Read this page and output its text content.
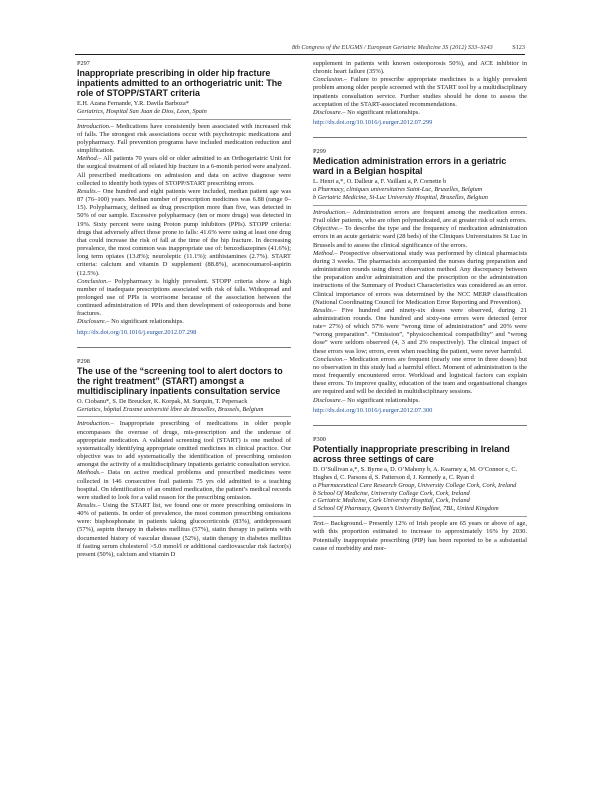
8th Congress of the EUGMS / European Geriatric Medicine 3S (2012) S33–S143	S123
P297
Inappropriate prescribing in older hip fracture inpatients admitted to an orthogeriatric unit: The role of STOPP/START criteria
E.H. Azana Fernande, Y.R. Davila Barboza*
Geriatrics, Hospital San Juan de Dios, Leon, Spain

Introduction.– Medications have consistently been associated with increased risk of falls. The strongest risk associations occur with psychotropic medications and polypharmacy. Fall prevention programs have included medication reduction and simplification.

Method.– All patients 70 years old or older admitted to an Orthogeriatric Unit for the surgical treatment of all related hip fracture in a 6-month period were analyzed. All prescribed medications on admission and data on active diagnose were collected to identify both types of STOPP/START prescribing errors.

Results.– One hundred and eight patients were included, median patient age was 87 (76–100) years. Median number of prescription medicines was 6.88 (range 0–15). Polypharmacy, defined as drug prescription more than five, was detected in 50% of our sample. Excessive polypharmacy (ten or more drugs) was detected in 19%. Sixty percent were using Proton pump inhibitors (PPIs). STOPP criteria: drugs that adversely affect those prone to falls: 41.6% were using at least one drug that could increase the risk of fall at the time of the hip fracture. In decreasing prevalence, the most common was inappropriate use of: benzodiazepines (41.6%); long term opiates (13.8%); neuroleptic (11.1%); antihistamines (2.7%). START criteria: calcium and vitamin D supplement (88.8%), acenocoumarol-aspirin (12.5%).

Conclusion.– Polypharmacy is highly prevalent. STOPP criteria show a high number of inadequate prescriptions associated with risk of falls. Widespread and prolonged use of PPIs is worrisome because of the association between the continued administration of PPIs and then development of osteoporosis and bone fractures.

Disclosure.– No significant relationships.

http://dx.doi.org/10.1016/j.eurger.2012.07.298
P298
The use of the “screening tool to alert doctors to the right treatment” (START) amongst a multidisciplinary inpatients consultation service
O. Ciobanu*, S. De Breucker, K. Korpak, M. Surquin, T. Pepersack
Geriatics, hôpital Erasme université libre de Bruxelles, Brussels, Belgium

Introduction.– Inappropriate prescribing of medications in older people encompasses the overuse of drugs, mis-prescription and the underuse of appropriate medication. A validated screening tool (START) is one method of systematically identifying appropriate omitted medicines in clinical practice. Our objective was to add systematically the identification of prescribing omission amongst the activity of a multidisciplinary inpatients geriatric consultation service.

Methods.– Data on active medical problems and prescribed medicines were collected in 146 consecutive frail patients 75 yrs old admitted to a teaching hospital. On identification of an omitted medication, the patient’s medical records were studied to look for a valid reason for the prescribing omission.

Results.– Using the START list, we found one or more prescribing omissions in 40% of patients. In order of prevalence, the most common prescribing omissions were: bisphosphonate in patients taking glucocorticoids (83%), antidepressant (57%), aspirin therapy in diabetes mellitus (57%), statin therapy in patients with documented history of vascular disease (52%), statin therapy in diabetes mellitus if fasting serum cholesterol >5.0 mmol/l or additional cardiovascular risk factor(s) present (50%), calcium and vitamin D

supplement in patients with known osteoporosis 50%), and ACE inhibitor in chronic heart failure (35%).

Conclusion.– Failure to prescribe appropriate medicines is a highly prevalent problem among older people screened with the START tool by a multidisciplinary inpatients consultation service. Further studies should be done to assess the acceptation of the START-associated recommendations.

Disclosure.– No significant relationships.

http://dx.doi.org/10.1016/j.eurger.2012.07.299
P299
Medication administration errors in a geriatric ward in a Belgian hospital
L. Henri a,*, O. Dalleur a, F. Vaillant a, P. Cornette b
a Pharmacy, cliniques universitaires Saint-Luc, Bruxelles, Belgium
b Geriatric Medicine, St-Luc University Hospital, Bruxelles, Belgium

Introduction.– Administration errors are frequent among the medication errors. Frail older patients, who are often polymedicated, are at greater risk of such errors.

Objective.– To describe the type and the frequency of medication administration errors in an acute geriatric ward (28 beds) of the Cliniques Universitaires St Luc in Brussels and to assess the clinical significance of the errors.

Method.– Prospective observational study was performed by clinical pharmacists during 3 weeks. The pharmacists accompanied the nurses during preparation and administration rounds using direct observation method. Any discrepancy between the preparation and/or administration and the prescription or the administration instructions of the Summary of Product Characteristics was considered as an error. Clinical importance of errors was determined by the NCC MERP classification (National Coordinating Council for Medication Error Reporting and Prevention).

Results.– Five hundred and ninety-six doses were observed, during 21 administration rounds. One hundred and sixty-one errors were detected (error rate= 27%) of which 57% were “wrong time of administration” and 20% were “wrong preparation”. “Omission”, “physicochemical compatibility” and “wrong dose” were seldom observed (4, 3 and 2% respectively). The clinical impact of these errors was low; errors, even when reaching the patient, were never harmful.

Conclusion.– Medication errors are frequent (nearly one error in three doses) but no observation in this study had a harmful effect. Moment of administration is the most frequently encountered error. Workload and logistical factors can explain these errors. To improve quality, education of the team and organisational changes are required and will be decided in multidisciplinary sessions.

Disclosure.– No significant relationships.

http://dx.doi.org/10.1016/j.eurger.2012.07.300
P300
Potentially inappropriate prescribing in Ireland across three settings of care
D. O’Sullivan a,*, S. Byrne a, D. O’Mahony b, A. Kearney a, M. O’Connor c, C. Hughes d, C. Parsons d, S. Patterson d, J. Kennedy a, C. Ryan d
a Pharmaceutical Care Research Group, University College Cork, Cork, Ireland
b School Of Medicine, University College Cork, Cork, Ireland
c Geriatric Medicine, Cork University Hospital, Cork, Ireland
d School Of Pharmacy, Queen’s University Belfast, 7BL, United Kingdom

Text.– Background.– Presently 12% of Irish people are 65 years or above of age, with this proportion estimated to increase to approximately 16% by 2030. Potentially inappropriate prescribing (PIP) has been reported to be a substantial cause of morbidity and mor-
